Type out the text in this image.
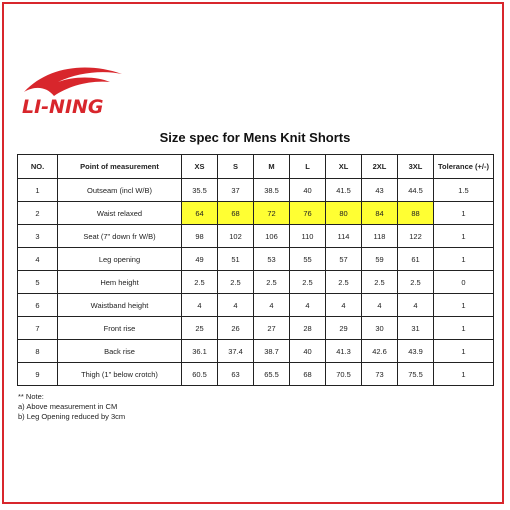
LI-NING
Size spec for Mens Knit Shorts
NO.	Point of measurement	XS	S	M	L	XL	2XL	3XL	Tolerance (+/-)
1	Outseam (incl W/B)	35.5	37	38.5	40	41.5	43	44.5	1.5
2	Waist relaxed	64	68	72	76	80	84	88	1
3	Seat (7" down fr W/B)	98	102	106	110	114	118	122	1
4	Leg opening	49	51	53	55	57	59	61	1
5	Hem height	2.5	2.5	2.5	2.5	2.5	2.5	2.5	0
6	Waistband height	4	4	4	4	4	4	4	1
7	Front rise	25	26	27	28	29	30	31	1
8	Back rise	36.1	37.4	38.7	40	41.3	42.6	43.9	1
9	Thigh (1" below crotch)	60.5	63	65.5	68	70.5	73	75.5	1
** Note:
a) Above measurement in CM
b) Leg Opening reduced by 3cm
